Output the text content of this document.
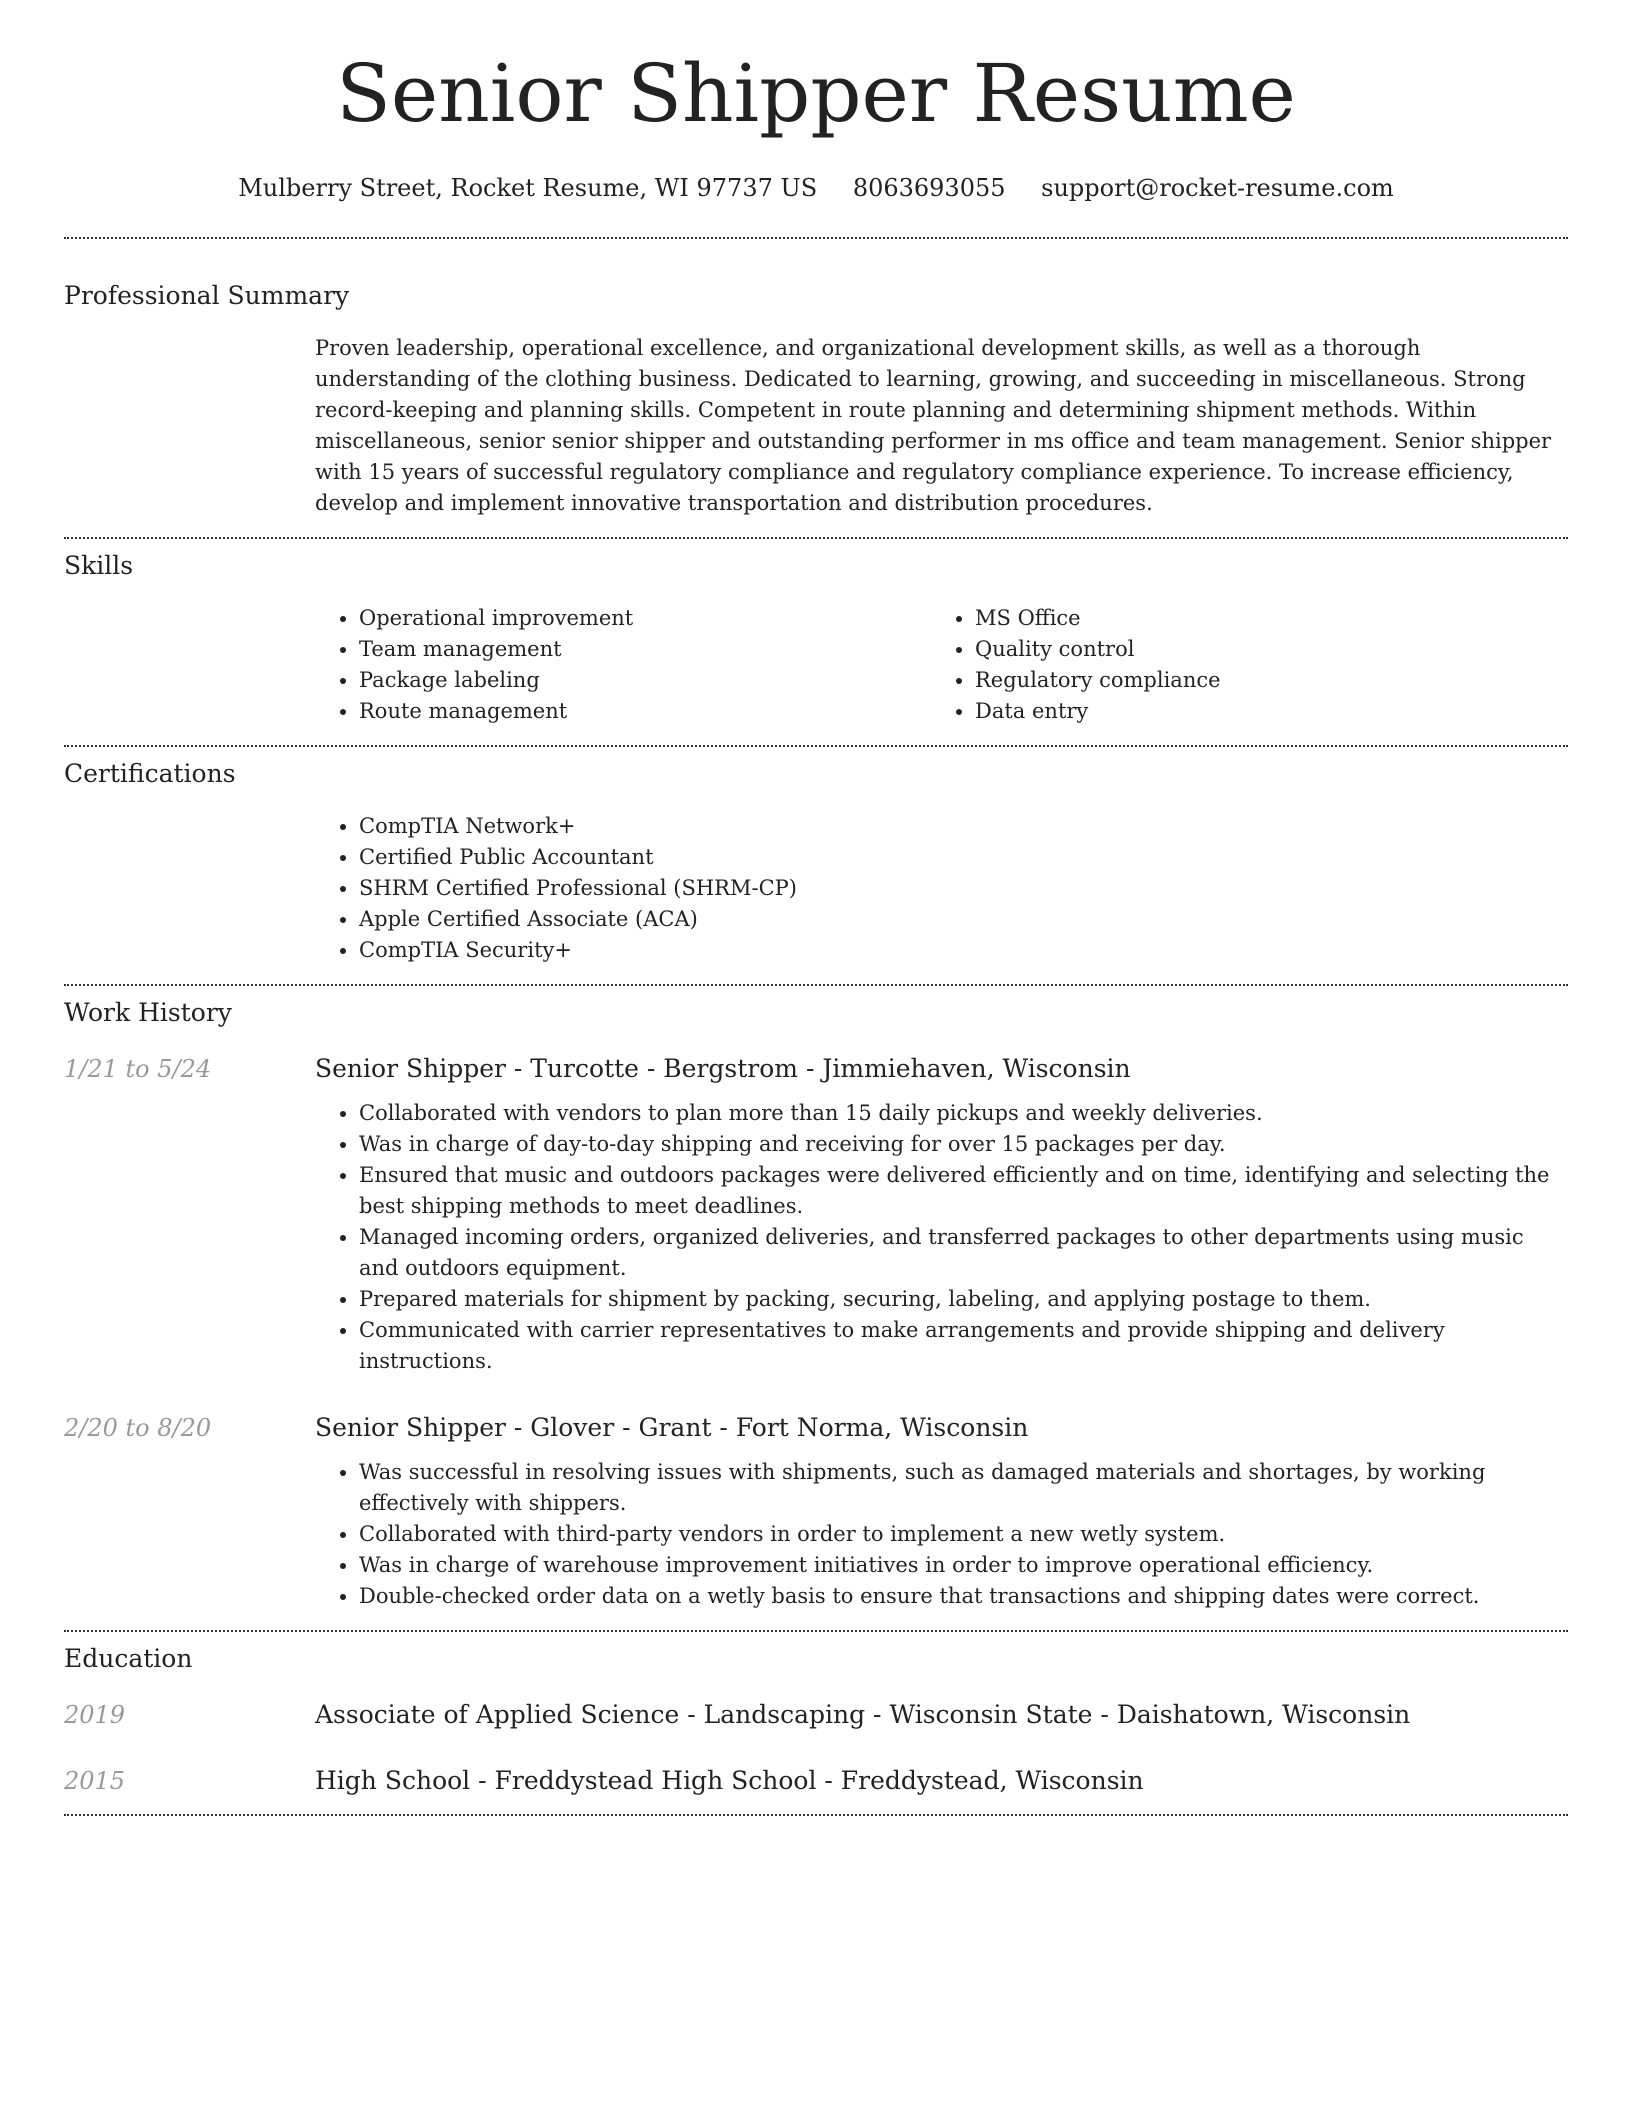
Senior Shipper Resume
Mulberry Street, Rocket Resume, WI 97737 US 8063693055 support@rocket-resume.com
Professional Summary

Proven leadership, operational excellence, and organizational development skills, as well as a thorough understanding of the clothing business. Dedicated to learning, growing, and succeeding in miscellaneous. Strong record-keeping and planning skills. Competent in route planning and determining shipment methods. Within miscellaneous, senior senior shipper and outstanding performer in ms office and team management. Senior shipper with 15 years of successful regulatory compliance and regulatory compliance experience. To increase efficiency, develop and implement innovative transportation and distribution procedures.

Skills
• Operational improvement
• Team management
• Package labeling
• Route management
• MS Office
• Quality control
• Regulatory compliance
• Data entry
Certifications
• CompTIA Network+
• Certified Public Accountant
• SHRM Certified Professional (SHRM-CP)
• Apple Certified Associate (ACA)
• CompTIA Security+
Work History
1/21 to 5/24	Senior Shipper - Turcotte - Bergstrom - Jimmiehaven, Wisconsin
• Collaborated with vendors to plan more than 15 daily pickups and weekly deliveries.
• Was in charge of day-to-day shipping and receiving for over 15 packages per day.
• Ensured that music and outdoors packages were delivered efficiently and on time, identifying and selecting the best shipping methods to meet deadlines.
• Managed incoming orders, organized deliveries, and transferred packages to other departments using music and outdoors equipment.
• Prepared materials for shipment by packing, securing, labeling, and applying postage to them.
• Communicated with carrier representatives to make arrangements and provide shipping and delivery instructions.
2/20 to 8/20	Senior Shipper - Glover - Grant - Fort Norma, Wisconsin
• Was successful in resolving issues with shipments, such as damaged materials and shortages, by working effectively with shippers.
• Collaborated with third-party vendors in order to implement a new wetly system.
• Was in charge of warehouse improvement initiatives in order to improve operational efficiency.
• Double-checked order data on a wetly basis to ensure that transactions and shipping dates were correct.
Education
2019	Associate of Applied Science - Landscaping - Wisconsin State - Daishatown, Wisconsin
2015	High School - Freddystead High School - Freddystead, Wisconsin
